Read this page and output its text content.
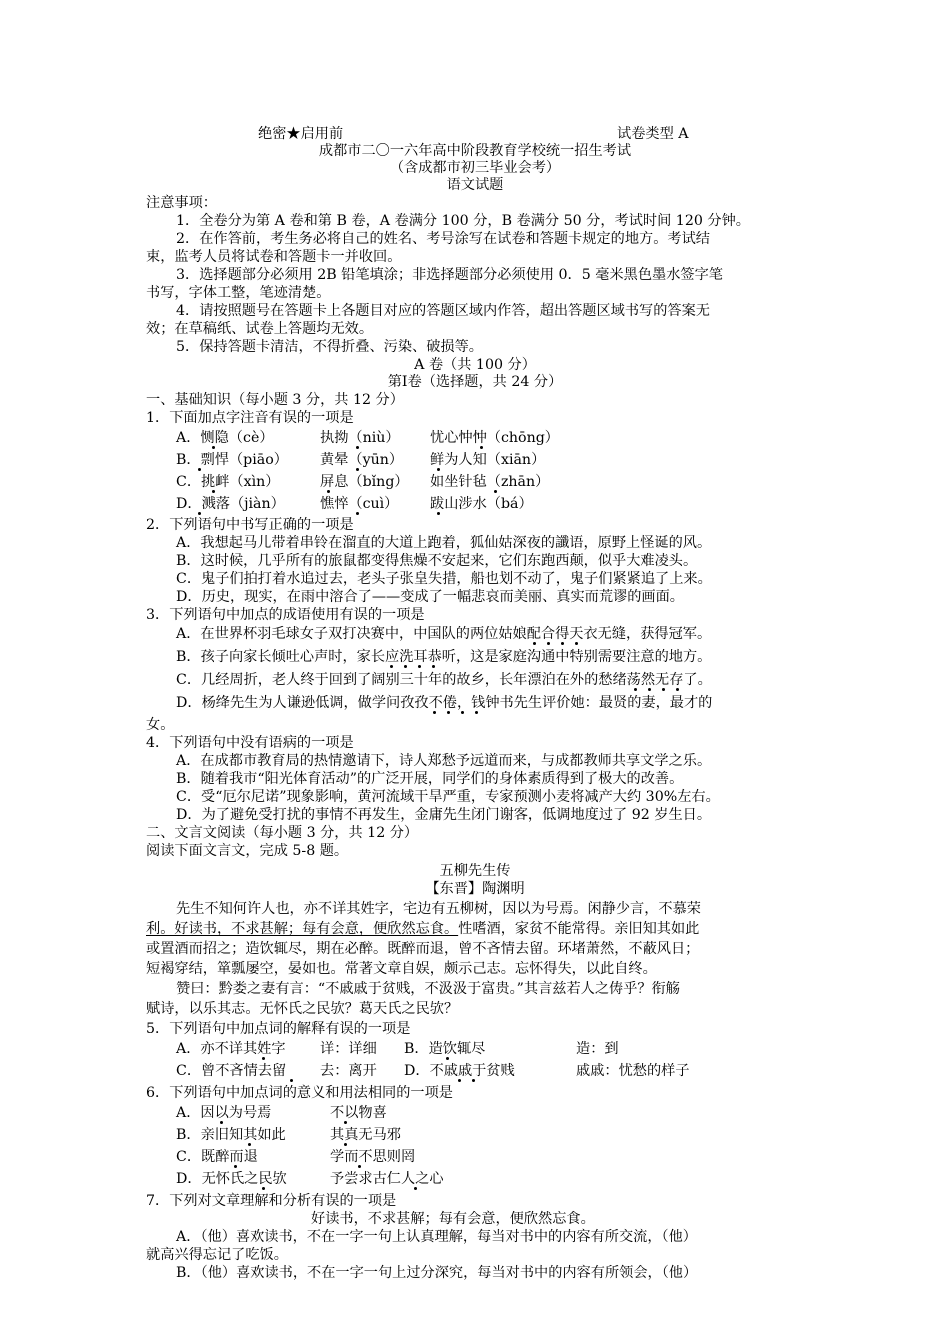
绝密★启用前	试卷类型 A
成都市二〇一六年高中阶段教育学校统一招生考试
（含成都市初三毕业会考）
语文试题
注意事项：
1．全卷分为第 A 卷和第 B 卷，A 卷满分 100 分，B 卷满分 50 分，考试时间 120 分钟。
2．在作答前，考生务必将自己的姓名、考号涂写在试卷和答题卡规定的地方。考试结
束，监考人员将试卷和答题卡一并收回。
3．选择题部分必须用 2B 铅笔填涂；非选择题部分必须使用 0．5 毫米黑色墨水签字笔
书写，字体工整，笔迹清楚。
4．请按照题号在答题卡上各题目对应的答题区域内作答，超出答题区域书写的答案无
效；在草稿纸、试卷上答题均无效。
5．保持答题卡清洁，不得折叠、污染、破损等。
A 卷（共 100 分）
第Ⅰ卷（选择题，共 24 分）
一、基础知识（每小题 3 分，共 12 分）
1．下面加点字注音有误的一项是
A．恻隐（cè）	执拗（niù） 忧心忡忡（chōng）
B．剽悍（piāo） 黄晕（yūn） 鲜为人知（xiān）
C．挑衅（xìn）	屏息（bǐng） 如坐针毡（zhān）
D．溅落（jiàn） 憔悴（cuì） 跋山涉水（bá）
2．下列语句中书写正确的一项是
A．我想起马儿带着串铃在溜直的大道上跑着，狐仙姑深夜的讖语，原野上怪诞的风。
B．这时候，几乎所有的旅鼠都变得焦燥不安起来，它们东跑西颠，似乎大难凌头。
C．鬼子们拍打着水追过去，老头子张皇失措，船也划不动了，鬼子们紧紧追了上来。
D．历史，现实，在雨中溶合了——变成了一幅悲哀而美丽、真实而荒谬的画面。
3．下列语句中加点的成语使用有误的一项是
A．在世界杯羽毛球女子双打决赛中，中国队的两位姑娘配合得天衣无缝，获得冠军。
B．孩子向家长倾吐心声时，家长应洗耳恭听，这是家庭沟通中特别需要注意的地方。
C．几经周折，老人终于回到了阔别三十年的故乡，长年漂泊在外的愁绪荡然无存了。
D．杨绛先生为人谦逊低调，做学问孜孜不倦，钱钟书先生评价她：最贤的妻，最才的
女。
4．下列语句中没有语病的一项是
A．在成都市教育局的热情邀请下，诗人郑愁予远道而来，与成都教师共享文学之乐。
B．随着我市“阳光体育活动”的广泛开展，同学们的身体素质得到了极大的改善。
C．受“厄尔尼诺”现象影响，黄河流域干旱严重，专家预测小麦将减产大约 30%左右。
D．为了避免受打扰的事情不再发生，金庸先生闭门谢客，低调地度过了 92 岁生日。
二、文言文阅读（每小题 3 分，共 12 分）
阅读下面文言文，完成 5-8 题。
五柳先生传
【东晋】陶渊明
先生不知何许人也，亦不详其姓字，宅边有五柳树，因以为号焉。闲静少言，不慕荣
利。好读书，不求甚解；每有会意，便欣然忘食。性嗜酒，家贫不能常得。亲旧知其如此
或置酒而招之；造饮辄尽，期在必醉。既醉而退，曾不吝情去留。环堵萧然，不蔽风日；
短褐穿结，箪瓢屡空，晏如也。常著文章自娱，颇示己志。忘怀得失，以此自终。
赞曰：黔娄之妻有言：“不戚戚于贫贱，不汲汲于富贵。”其言兹若人之俦乎？衔觞
赋诗，以乐其志。无怀氏之民欤？葛天氏之民欤？
5．下列语句中加点词的解释有误的一项是
A．亦不详其姓字 详：详细 B．造饮辄尽	造：到
C．曾不吝情去留 去：离开 D．不戚戚于贫贱	戚戚：忧愁的样子
6．下列语句中加点词的意义和用法相同的一项是
A．因以为号焉	不以物喜
B．亲旧知其如此	其真无马邪
C．既醉而退	学而不思则罔
D．无怀氏之民欤	予尝求古仁人之心
7．下列对文章理解和分析有误的一项是
好读书，不求甚解；每有会意，便欣然忘食。
A．（他）喜欢读书，不在一字一句上认真理解，每当对书中的内容有所交流，（他）
就高兴得忘记了吃饭。
B．（他）喜欢读书，不在一字一句上过分深究，每当对书中的内容有所领会，（他）
